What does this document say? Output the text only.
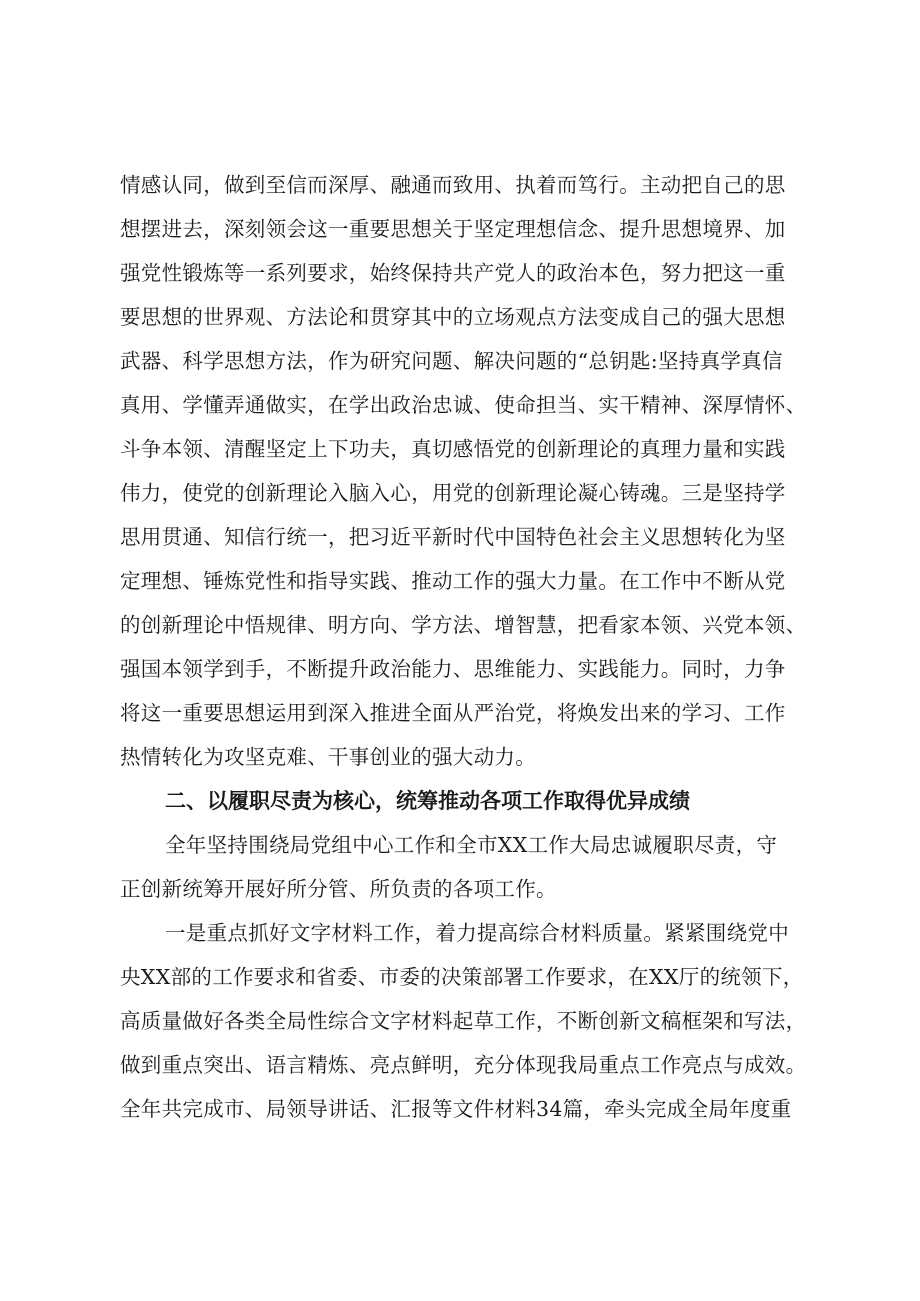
情感认同，做到至信而深厚、融通而致用、执着而笃行。主动把自己的思
想摆进去，深刻领会这一重要思想关于坚定理想信念、提升思想境界、加
强党性锻炼等一系列要求，始终保持共产党人的政治本色，努力把这一重
要思想的世界观、方法论和贯穿其中的立场观点方法变成自己的强大思想
武器、科学思想方法，作为研究问题、解决问题的“总钥匙:坚持真学真信
真用、学懂弄通做实，在学出政治忠诚、使命担当、实干精神、深厚情怀、
斗争本领、清醒坚定上下功夫，真切感悟党的创新理论的真理力量和实践
伟力，使党的创新理论入脑入心，用党的创新理论凝心铸魂。三是坚持学
思用贯通、知信行统一，把习近平新时代中国特色社会主义思想转化为坚
定理想、锤炼党性和指导实践、推动工作的强大力量。在工作中不断从党
的创新理论中悟规律、明方向、学方法、增智慧，把看家本领、兴党本领、
强国本领学到手，不断提升政治能力、思维能力、实践能力。同时，力争
将这一重要思想运用到深入推进全面从严治党，将焕发出来的学习、工作
热情转化为攻坚克难、干事创业的强大动力。
二、以履职尽责为核心，统筹推动各项工作取得优异成绩
全年坚持围绕局党组中心工作和全市XX工作大局忠诚履职尽责，守
正创新统筹开展好所分管、所负责的各项工作。
一是重点抓好文字材料工作，着力提高综合材料质量。紧紧围绕党中
央XX部的工作要求和省委、市委的决策部署工作要求，在XX厅的统领下，
高质量做好各类全局性综合文字材料起草工作，不断创新文稿框架和写法，
做到重点突出、语言精炼、亮点鲜明，充分体现我局重点工作亮点与成效。
全年共完成市、局领导讲话、汇报等文件材料34篇，牵头完成全局年度重
